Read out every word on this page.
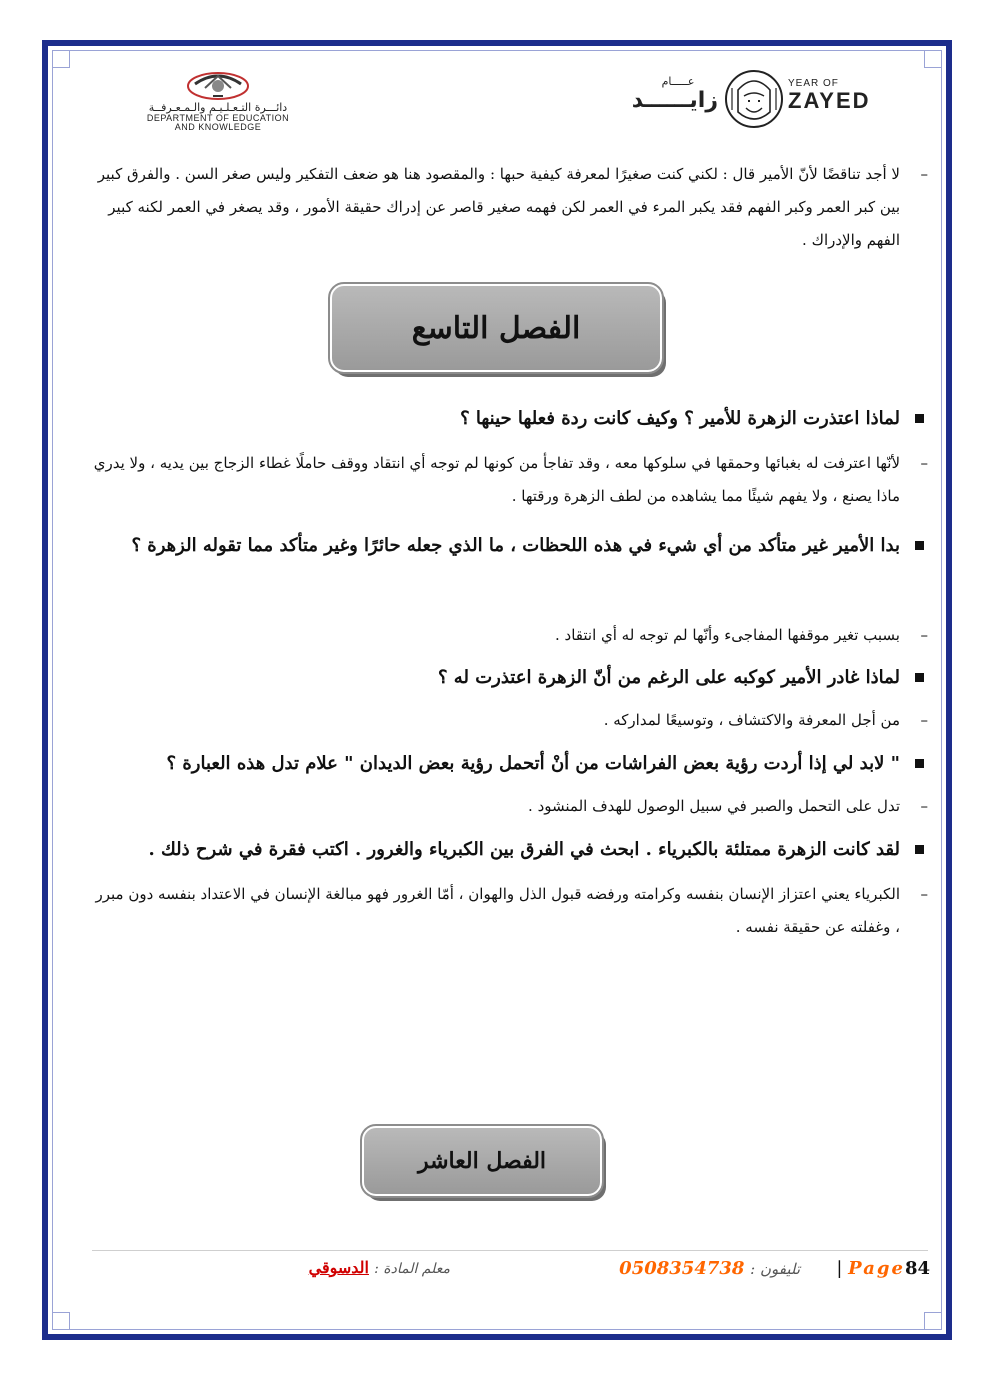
دائـــرة التـعـلـيـم والـمـعـرفــة
DEPARTMENT OF EDUCATION
AND KNOWLEDGE
عـــــام
زايــــــد
YEAR OF
ZAYED

–
لا أجد تناقضًا لأنّ الأمير قال : لكني كنت صغيرًا لمعرفة كيفية حبها : والمقصود هنا هو ضعف التفكير وليس صغر السن . والفرق كبير بين كبر العمر وكبر الفهم فقد يكبر المرء في العمر لكن فهمه صغير قاصر عن إدراك حقيقة الأمور ، وقد يصغر في العمر لكنه كبير الفهم والإدراك .

الفصل التاسع

لماذا اعتذرت الزهرة للأمير ؟ وكيف كانت ردة فعلها حينها ؟

–
لأنّها اعترفت له بغبائها وحمقها في سلوكها معه ، وقد تفاجأ من كونها لم توجه أي انتقاد ووقف حاملًا غطاء الزجاج بين يديه ، ولا يدري ماذا يصنع ، ولا يفهم شيئًا مما يشاهده من لطف الزهرة ورقتها .

بدا الأمير غير متأكد من أي شيء في هذه اللحظات ، ما الذي جعله حائرًا وغير متأكد مما تقوله الزهرة ؟

–
بسبب تغير موقفها المفاجىء وأنّها لم توجه له أي انتقاد .

لماذا غادر الأمير كوكبه على الرغم من أنّ الزهرة اعتذرت له ؟

–
من أجل المعرفة والاكتشاف ، وتوسيعًا لمداركه .

" لابد لي إذا أردت رؤية بعض الفراشات من أنْ أتحمل رؤية بعض الديدان " علام تدل هذه العبارة ؟

–
تدل على التحمل والصبر في سبيل الوصول للهدف المنشود .

لقد كانت الزهرة ممتلئة بالكبرياء . ابحث في الفرق بين الكبرياء والغرور . اكتب فقرة في شرح ذلك .

–
الكبرياء يعني اعتزاز الإنسان بنفسه وكرامته ورفضه قبول الذل والهوان ، أمّا الغرور فهو مبالغة الإنسان في الاعتداد بنفسه دون مبرر ، وغفلته عن حقيقة نفسه .

الفصل العاشر
| Page84
تليفون : 0508354738
معلم المادة : الدسوقي
